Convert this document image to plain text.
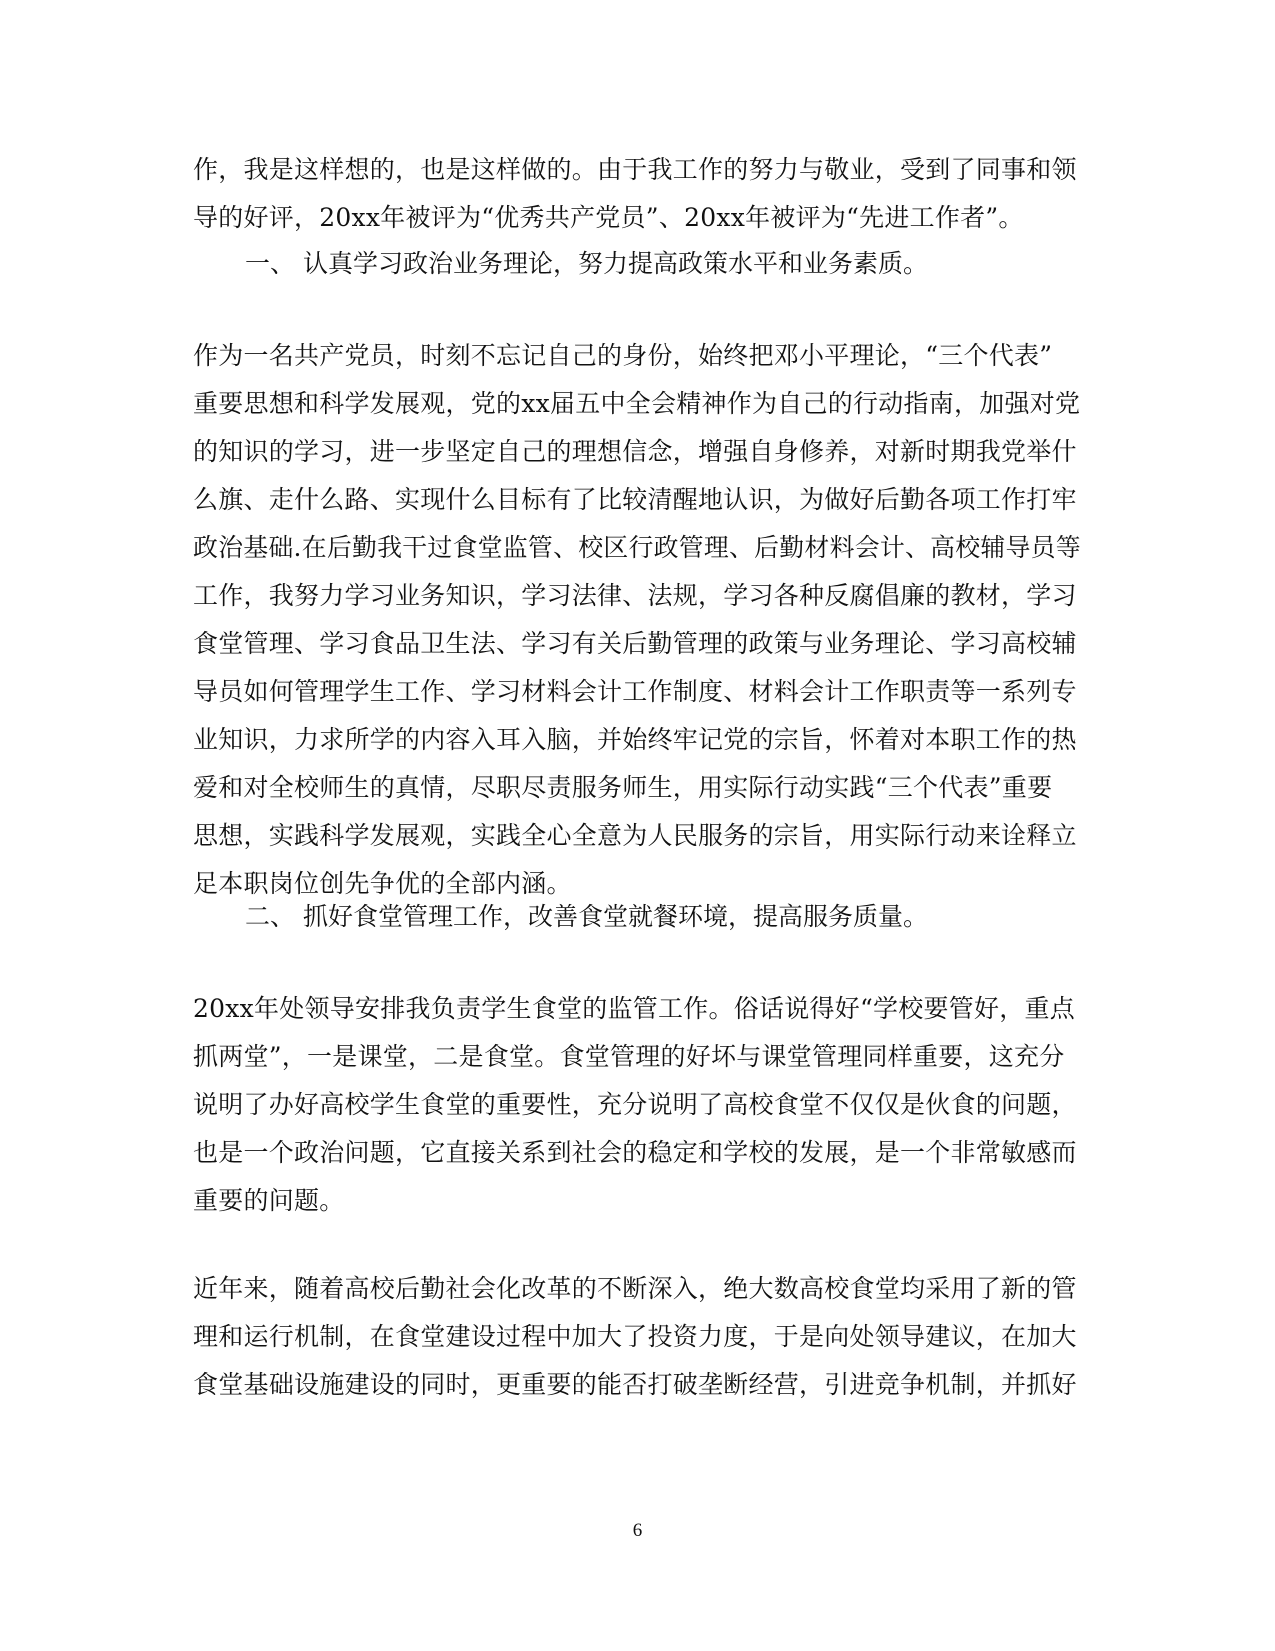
作，我是这样想的，也是这样做的。由于我工作的努力与敬业，受到了同事和领
导的好评，20xx年被评为“优秀共产党员”、20xx年被评为“先进工作者”。
一、 认真学习政治业务理论，努力提高政策水平和业务素质。
作为一名共产党员，时刻不忘记自己的身份，始终把邓小平理论，“三个代表”
重要思想和科学发展观，党的xx届五中全会精神作为自己的行动指南，加强对党
的知识的学习，进一步坚定自己的理想信念，增强自身修养，对新时期我党举什
么旗、走什么路、实现什么目标有了比较清醒地认识，为做好后勤各项工作打牢
政治基础.在后勤我干过食堂监管、校区行政管理、后勤材料会计、高校辅导员等
工作，我努力学习业务知识，学习法律、法规，学习各种反腐倡廉的教材，学习
食堂管理、学习食品卫生法、学习有关后勤管理的政策与业务理论、学习高校辅
导员如何管理学生工作、学习材料会计工作制度、材料会计工作职责等一系列专
业知识，力求所学的内容入耳入脑，并始终牢记党的宗旨，怀着对本职工作的热
爱和对全校师生的真情，尽职尽责服务师生，用实际行动实践“三个代表”重要
思想，实践科学发展观，实践全心全意为人民服务的宗旨，用实际行动来诠释立
足本职岗位创先争优的全部内涵。
二、 抓好食堂管理工作，改善食堂就餐环境，提高服务质量。
20xx年处领导安排我负责学生食堂的监管工作。俗话说得好“学校要管好，重点
抓两堂”，一是课堂，二是食堂。食堂管理的好坏与课堂管理同样重要，这充分
说明了办好高校学生食堂的重要性，充分说明了高校食堂不仅仅是伙食的问题，
也是一个政治问题，它直接关系到社会的稳定和学校的发展，是一个非常敏感而
重要的问题。
近年来，随着高校后勤社会化改革的不断深入，绝大数高校食堂均采用了新的管
理和运行机制，在食堂建设过程中加大了投资力度，于是向处领导建议，在加大
食堂基础设施建设的同时，更重要的能否打破垄断经营，引进竞争机制，并抓好
6
